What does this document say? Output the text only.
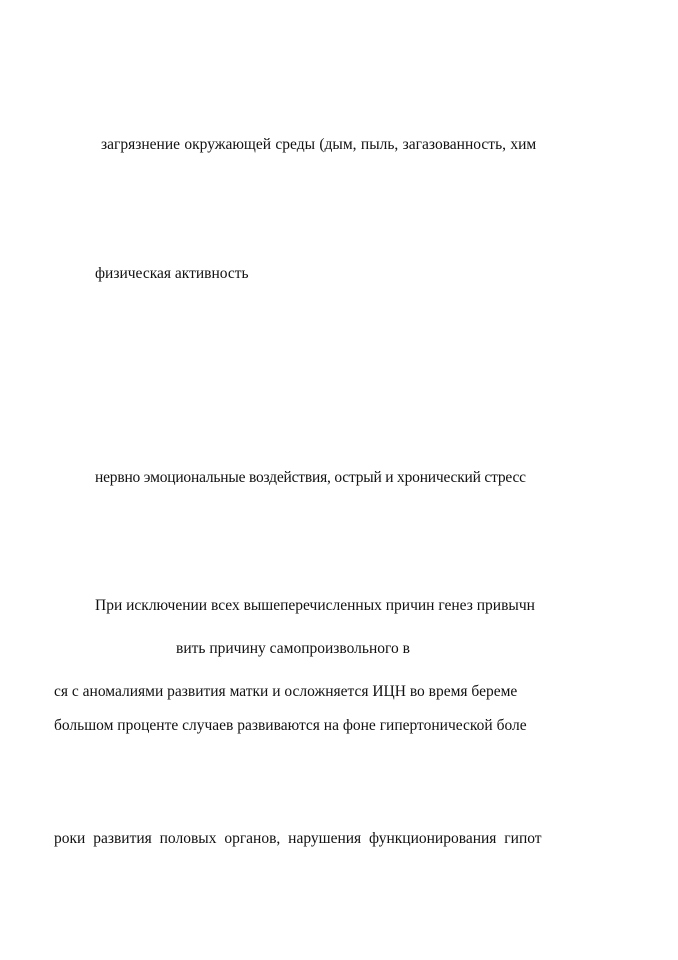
загрязнение окружающей среды (дым, пыль, загазованность, хим
физическая активность
нервно эмоциональные воздействия, острый и хронический стресс
При исключении всех вышеперечисленных причин генез привычн
вить причину самопроизвольного в
ся с аномалиями развития матки и осложняется ИЦН во время береме
большом проценте случаев развиваются на фоне гипертонической боле
роки развития половых органов, нарушения функционирования гипот
